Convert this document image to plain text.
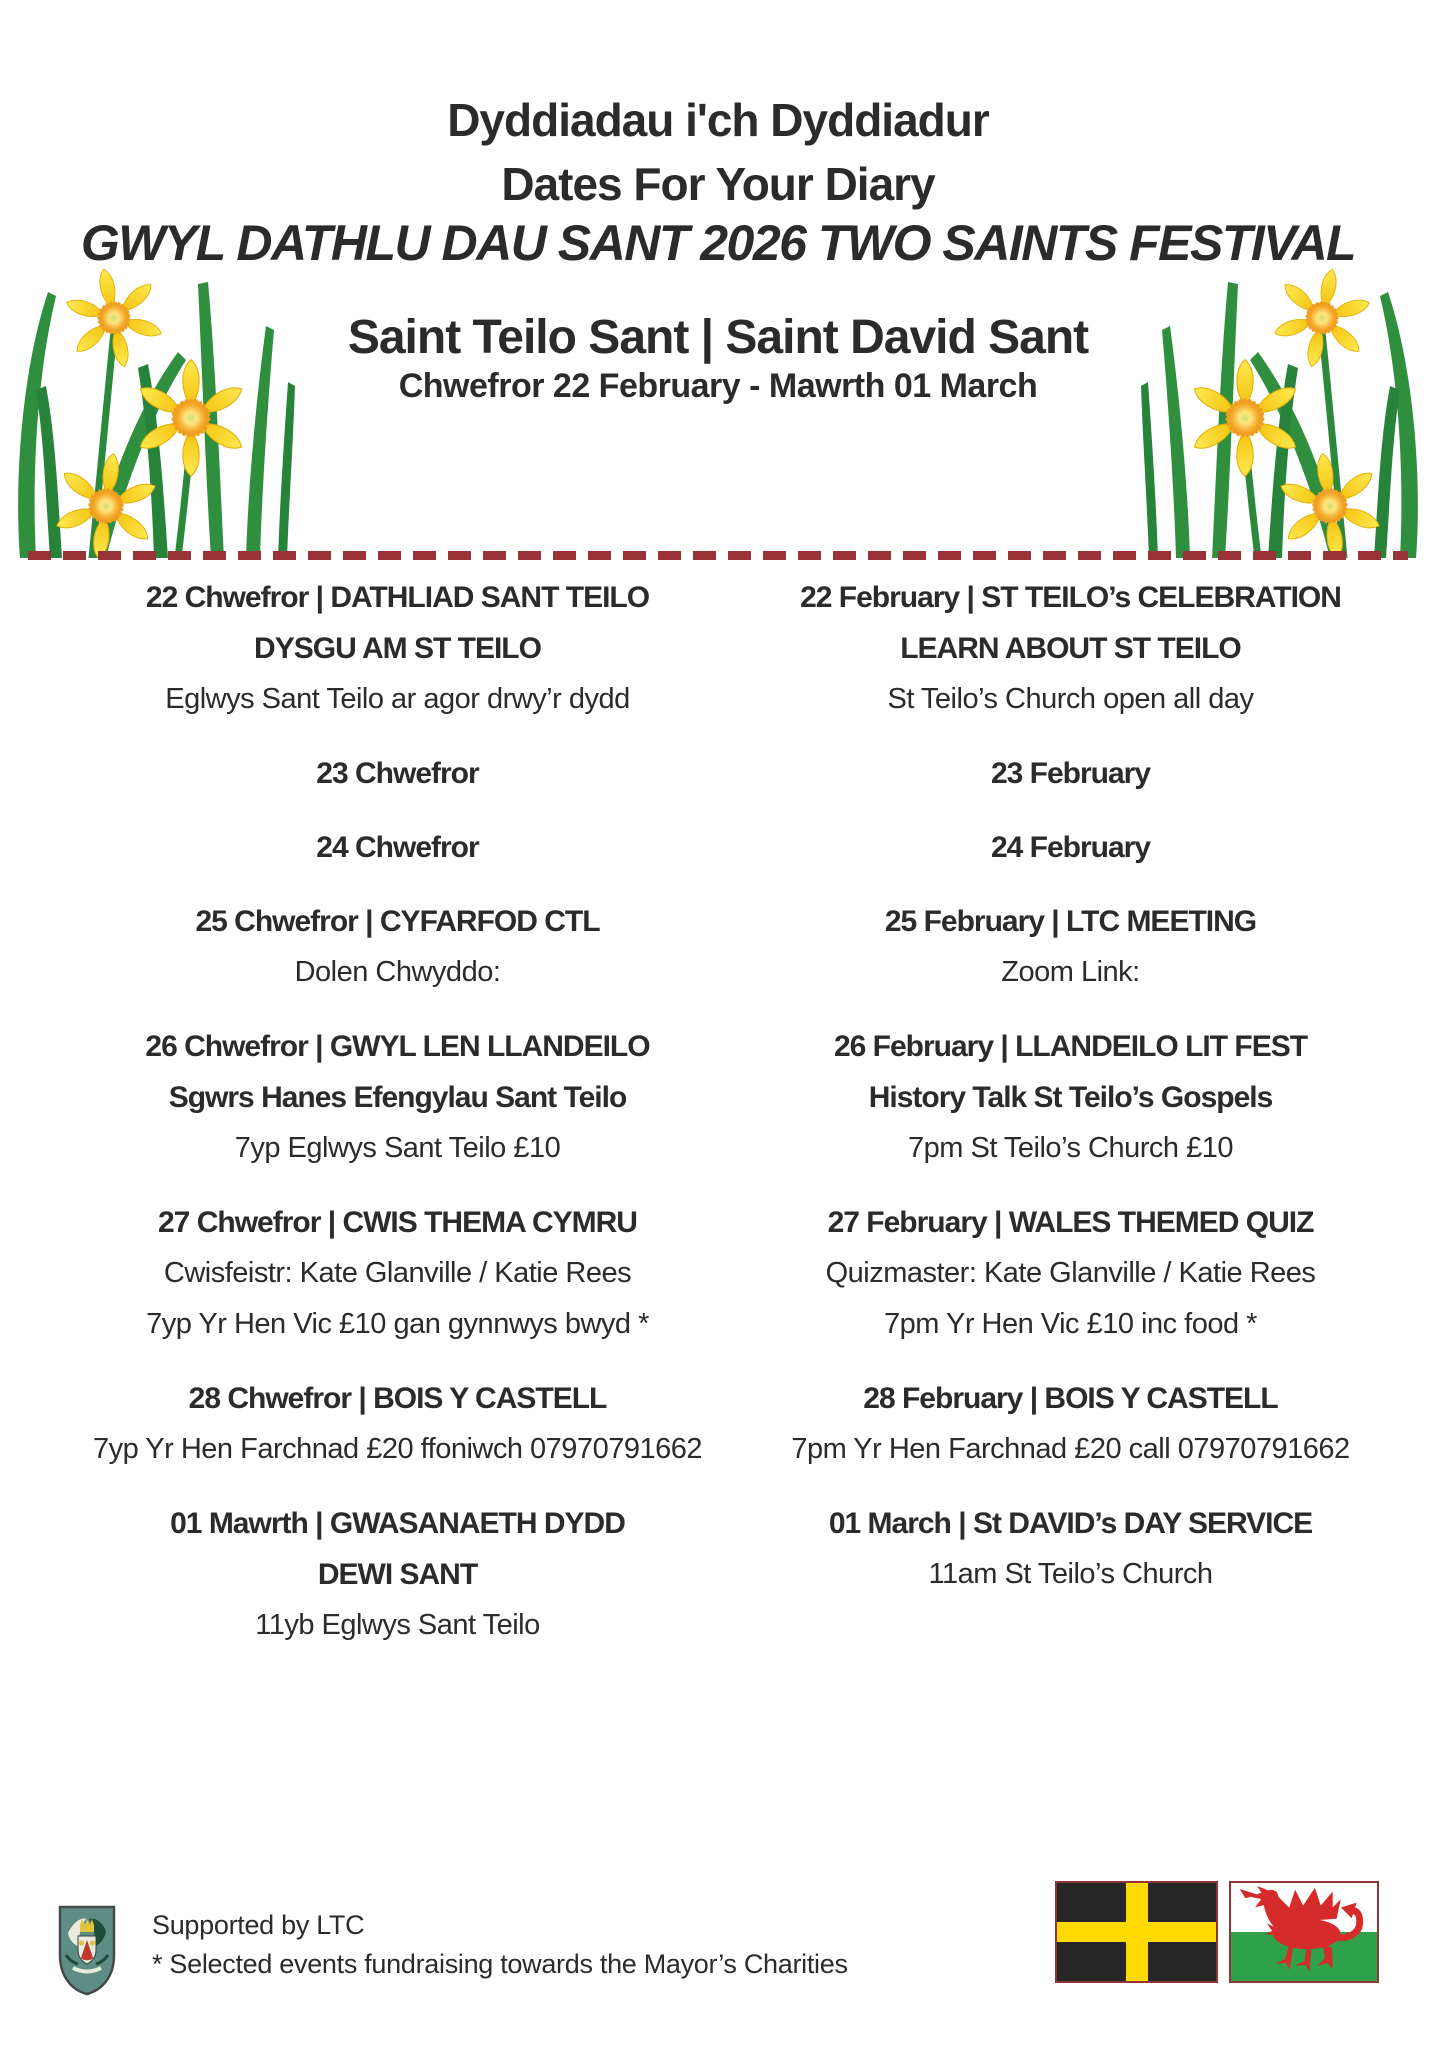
Dyddiadau i'ch Dyddiadur

Dates For Your Diary

GWYL DATHLU DAU SANT 2026 TWO SAINTS FESTIVAL

Saint Teilo Sant | Saint David Sant

Chwefror 22 February - Mawrth 01 March

22 Chwefror | DATHLIAD SANT TEILO

DYSGU AM ST TEILO

Eglwys Sant Teilo ar agor drwy’r dydd

22 February | ST TEILO’s CELEBRATION

LEARN ABOUT ST TEILO

St Teilo’s Church open all day

23 Chwefror	23 February

24 Chwefror	24 February

25 Chwefror | CYFARFOD CTL

Dolen Chwyddo:

25 February | LTC MEETING

Zoom Link:

26 Chwefror | GWYL LEN LLANDEILO

Sgwrs Hanes Efengylau Sant Teilo

7yp Eglwys Sant Teilo £10

26 February | LLANDEILO LIT FEST

History Talk St Teilo’s Gospels

7pm St Teilo’s Church £10

27 Chwefror | CWIS THEMA CYMRU

Cwisfeistr: Kate Glanville / Katie Rees

7yp Yr Hen Vic £10 gan gynnwys bwyd *

27 February | WALES THEMED QUIZ

Quizmaster: Kate Glanville / Katie Rees

7pm Yr Hen Vic £10 inc food *

28 Chwefror | BOIS Y CASTELL

7yp Yr Hen Farchnad £20 ffoniwch 07970791662

28 February | BOIS Y CASTELL

7pm Yr Hen Farchnad £20 call 07970791662

01 Mawrth | GWASANAETH DYDD

DEWI SANT

11yb Eglwys Sant Teilo

01 March | St DAVID’s DAY SERVICE

11am St Teilo’s Church

Supported by LTC

* Selected events fundraising towards the Mayor’s Charities
